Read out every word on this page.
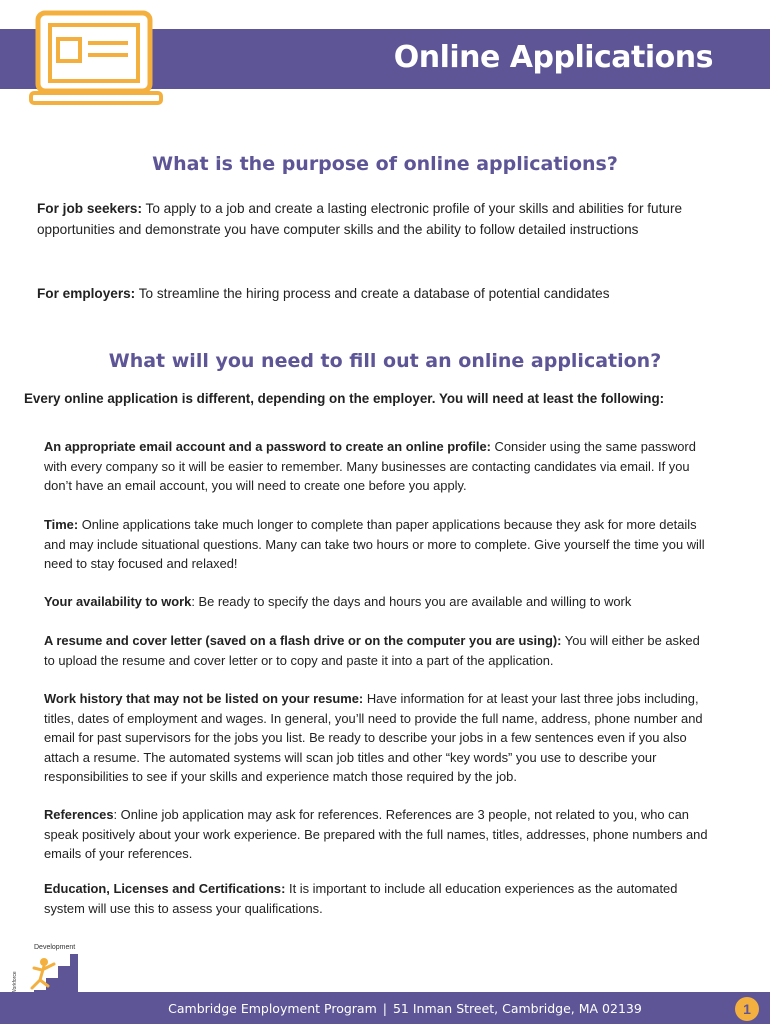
Online Applications
What is the purpose of online applications?
For job seekers: To apply to a job and create a lasting electronic profile of your skills and abilities for future opportunities and demonstrate you have computer skills and the ability to follow detailed instructions
For employers: To streamline the hiring process and create a database of potential candidates
What will you need to fill out an online application?
Every online application is different, depending on the employer. You will need at least the following:
An appropriate email account and a password to create an online profile: Consider using the same password with every company so it will be easier to remember. Many businesses are contacting candidates via email. If you don’t have an email account, you will need to create one before you apply.
Time: Online applications take much longer to complete than paper applications because they ask for more details and may include situational questions. Many can take two hours or more to complete. Give yourself the time you will need to stay focused and relaxed!
Your availability to work: Be ready to specify the days and hours you are available and willing to work
A resume and cover letter (saved on a flash drive or on the computer you are using): You will either be asked to upload the resume and cover letter or to copy and paste it into a part of the application.
Work history that may not be listed on your resume: Have information for at least your last three jobs including, titles, dates of employment and wages. In general, you’ll need to provide the full name, address, phone number and email for past supervisors for the jobs you list. Be ready to describe your jobs in a few sentences even if you also attach a resume. The automated systems will scan job titles and other “key words” you use to describe your responsibilities to see if your skills and experience match those required by the job.
References: Online job application may ask for references. References are 3 people, not related to you, who can speak positively about your work experience. Be prepared with the full names, titles, addresses, phone numbers and emails of your references.
Education, Licenses and Certifications: It is important to include all education experiences as the automated system will use this to assess your qualifications.
Development
Cambridge Employment Program | 51 Inman Street, Cambridge, MA 02139	1
